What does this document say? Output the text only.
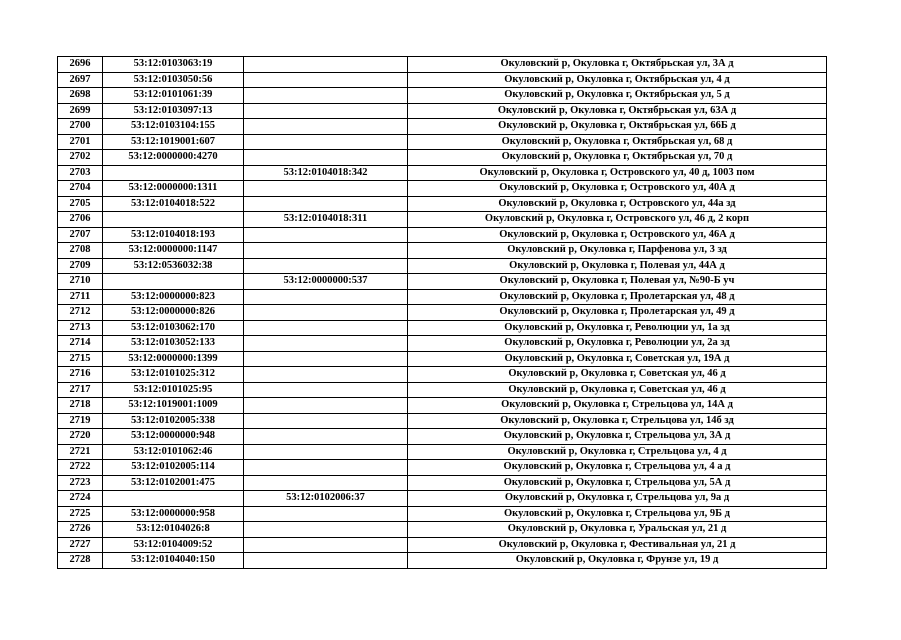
2696	53:12:0103063:19		Окуловский р, Окуловка г, Октябрьская ул, 3А д
2697	53:12:0103050:56		Окуловский р, Окуловка г, Октябрьская ул, 4 д
2698	53:12:0101061:39		Окуловский р, Окуловка г, Октябрьская ул, 5 д
2699	53:12:0103097:13		Окуловский р, Окуловка г, Октябрьская ул, 63А д
2700	53:12:0103104:155		Окуловский р, Окуловка г, Октябрьская ул, 66Б д
2701	53:12:1019001:607		Окуловский р, Окуловка г, Октябрьская ул, 68 д
2702	53:12:0000000:4270		Окуловский р, Окуловка г, Октябрьская ул, 70 д
2703		53:12:0104018:342	Окуловский р, Окуловка г, Островского ул, 40 д, 1003 пом
2704	53:12:0000000:1311		Окуловский р, Окуловка г, Островского ул, 40А д
2705	53:12:0104018:522		Окуловский р, Окуловка г, Островского ул, 44а зд
2706		53:12:0104018:311	Окуловский р, Окуловка г, Островского ул, 46 д, 2 корп
2707	53:12:0104018:193		Окуловский р, Окуловка г, Островского ул, 46А д
2708	53:12:0000000:1147		Окуловский р, Окуловка г, Парфенова ул, 3 зд
2709	53:12:0536032:38		Окуловский р, Окуловка г, Полевая ул, 44А д
2710		53:12:0000000:537	Окуловский р, Окуловка г, Полевая ул, №90-Б уч
2711	53:12:0000000:823		Окуловский р, Окуловка г, Пролетарская ул, 48 д
2712	53:12:0000000:826		Окуловский р, Окуловка г, Пролетарская ул, 49 д
2713	53:12:0103062:170		Окуловский р, Окуловка г, Революции ул, 1а зд
2714	53:12:0103052:133		Окуловский р, Окуловка г, Революции ул, 2а зд
2715	53:12:0000000:1399		Окуловский р, Окуловка г, Советская ул, 19А д
2716	53:12:0101025:312		Окуловский р, Окуловка г, Советская ул, 46 д
2717	53:12:0101025:95		Окуловский р, Окуловка г, Советская ул, 46 д
2718	53:12:1019001:1009		Окуловский р, Окуловка г, Стрельцова ул, 14А д
2719	53:12:0102005:338		Окуловский р, Окуловка г, Стрельцова ул, 14б зд
2720	53:12:0000000:948		Окуловский р, Окуловка г, Стрельцова ул, 3А д
2721	53:12:0101062:46		Окуловский р, Окуловка г, Стрельцова ул, 4 д
2722	53:12:0102005:114		Окуловский р, Окуловка г, Стрельцова ул, 4 а д
2723	53:12:0102001:475		Окуловский р, Окуловка г, Стрельцова ул, 5А д
2724		53:12:0102006:37	Окуловский р, Окуловка г, Стрельцова ул, 9а д
2725	53:12:0000000:958		Окуловский р, Окуловка г, Стрельцова ул, 9Б д
2726	53:12:0104026:8		Окуловский р, Окуловка г, Уральская ул, 21 д
2727	53:12:0104009:52		Окуловский р, Окуловка г, Фестивальная ул, 21 д
2728	53:12:0104040:150		Окуловский р, Окуловка г, Фрунзе ул, 19 д
